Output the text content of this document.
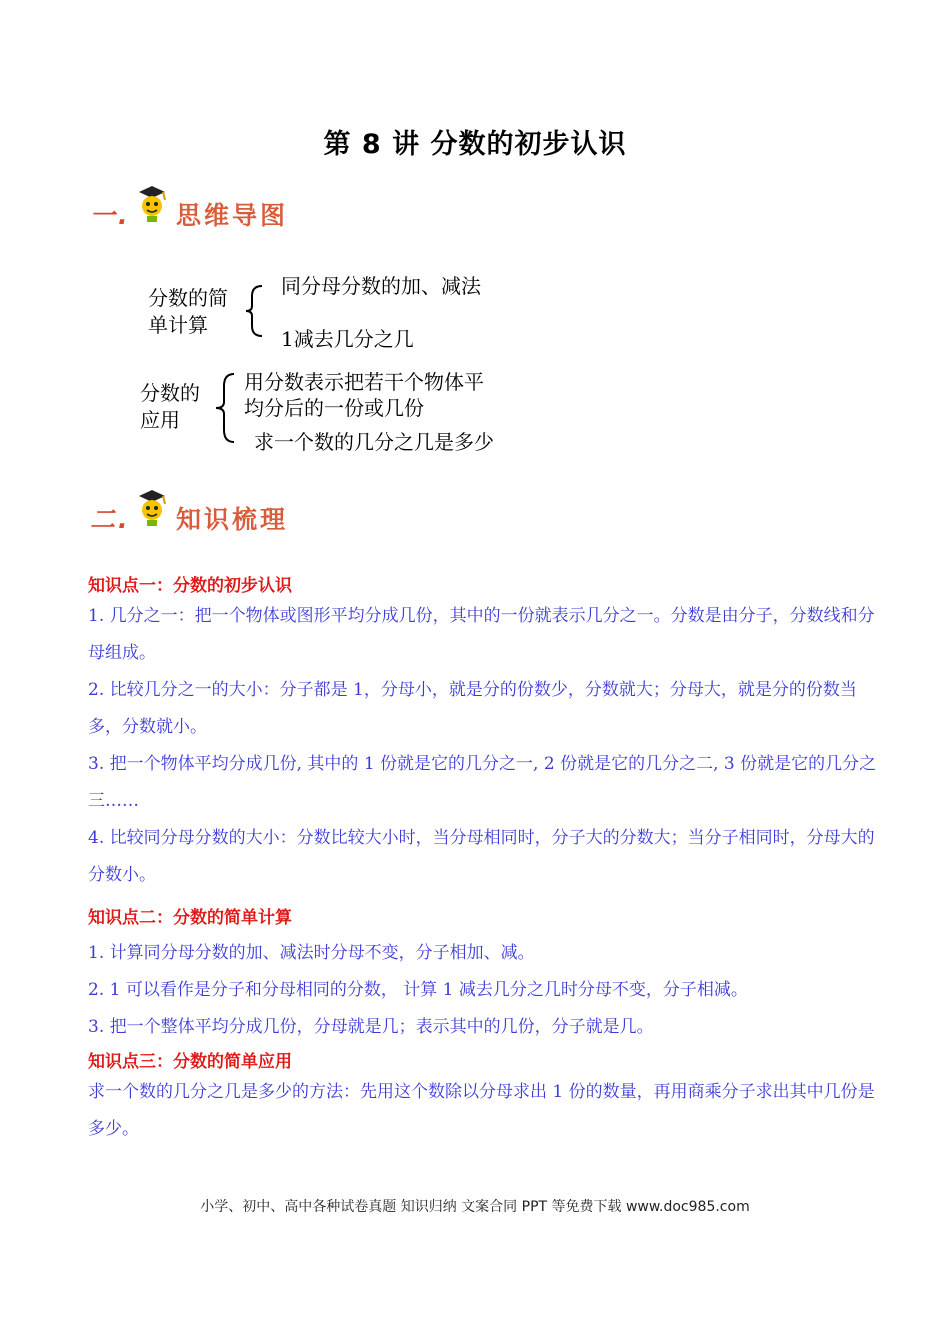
第 8 讲 分数的初步认识
一. 思维导图
分数的简
单计算
同分母分数的加、减法
1减去几分之几
分数的
应用
用分数表示把若干个物体平
均分后的一份或几份
求一个数的几分之几是多少
二. 知识梳理
知识点一：分数的初步认识
1. 几分之一：把一个物体或图形平均分成几份，其中的一份就表示几分之一。分数是由分子，分数线和分母组成。
2. 比较几分之一的大小：分子都是 1，分母小，就是分的份数少，分数就大；分母大，就是分的份数当多，分数就小。
3. 把一个物体平均分成几份, 其中的 1 份就是它的几分之一, 2 份就是它的几分之二, 3 份就是它的几分之三……
4. 比较同分母分数的大小：分数比较大小时，当分母相同时，分子大的分数大；当分子相同时，分母大的分数小。
知识点二：分数的简单计算
1. 计算同分母分数的加、减法时分母不变，分子相加、减。
2. 1 可以看作是分子和分母相同的分数， 计算 1 减去几分之几时分母不变，分子相减。
3. 把一个整体平均分成几份，分母就是几；表示其中的几份，分子就是几。
知识点三：分数的简单应用
求一个数的几分之几是多少的方法：先用这个数除以分母求出 1 份的数量，再用商乘分子求出其中几份是多少。
小学、初中、高中各种试卷真题 知识归纳 文案合同 PPT 等免费下载 www.doc985.com
